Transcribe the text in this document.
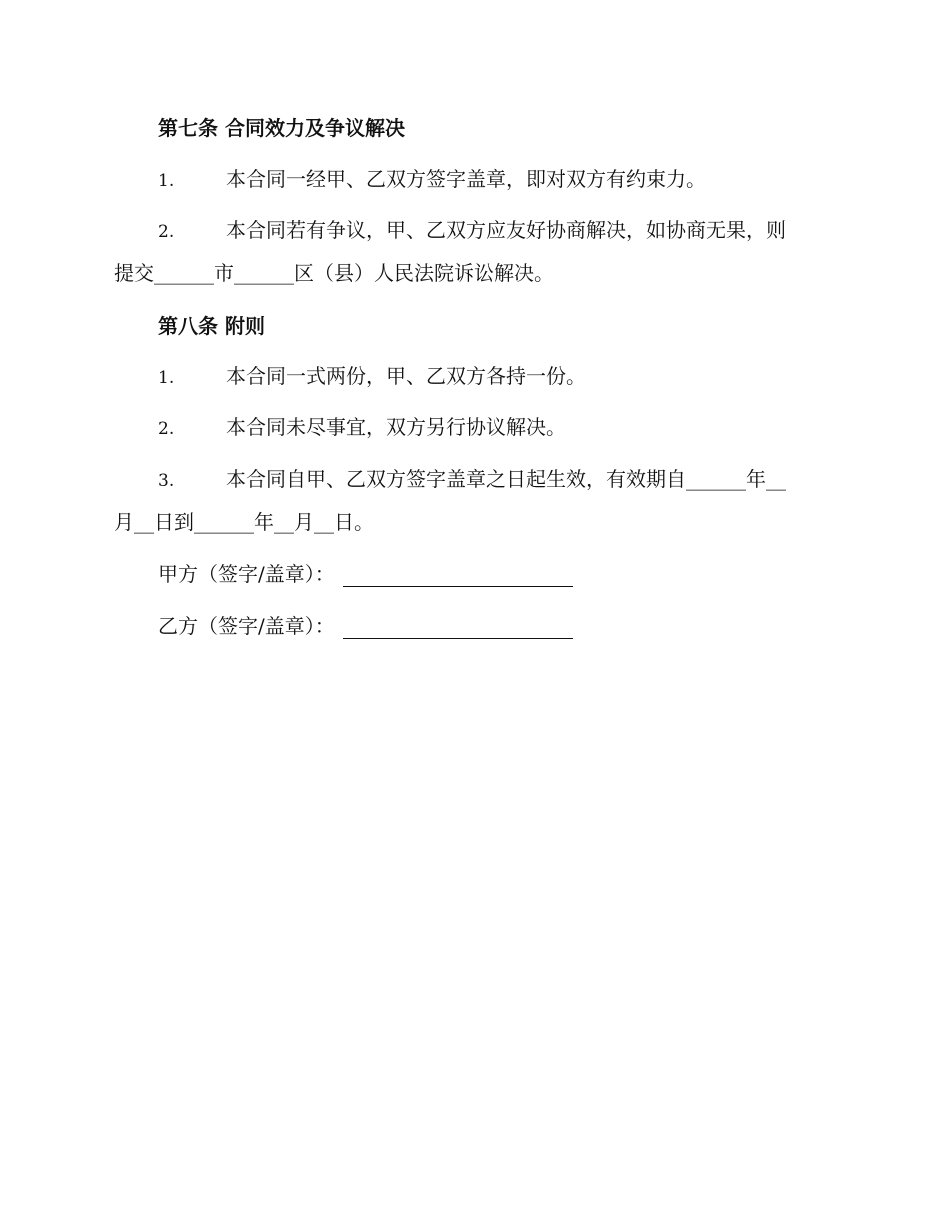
第七条 合同效力及争议解决
1.	本合同一经甲、乙双方签字盖章，即对双方有约束力。
2.	本合同若有争议，甲、乙双方应友好协商解决，如协商无果，则
提交______市______区（县）人民法院诉讼解决。
第八条 附则
1.	本合同一式两份，甲、乙双方各持一份。
2.	本合同未尽事宜，双方另行协议解决。
3.	本合同自甲、乙双方签字盖章之日起生效，有效期自______年__
月__日到______年__月__日。
甲方（签字/盖章）：
乙方（签字/盖章）：
